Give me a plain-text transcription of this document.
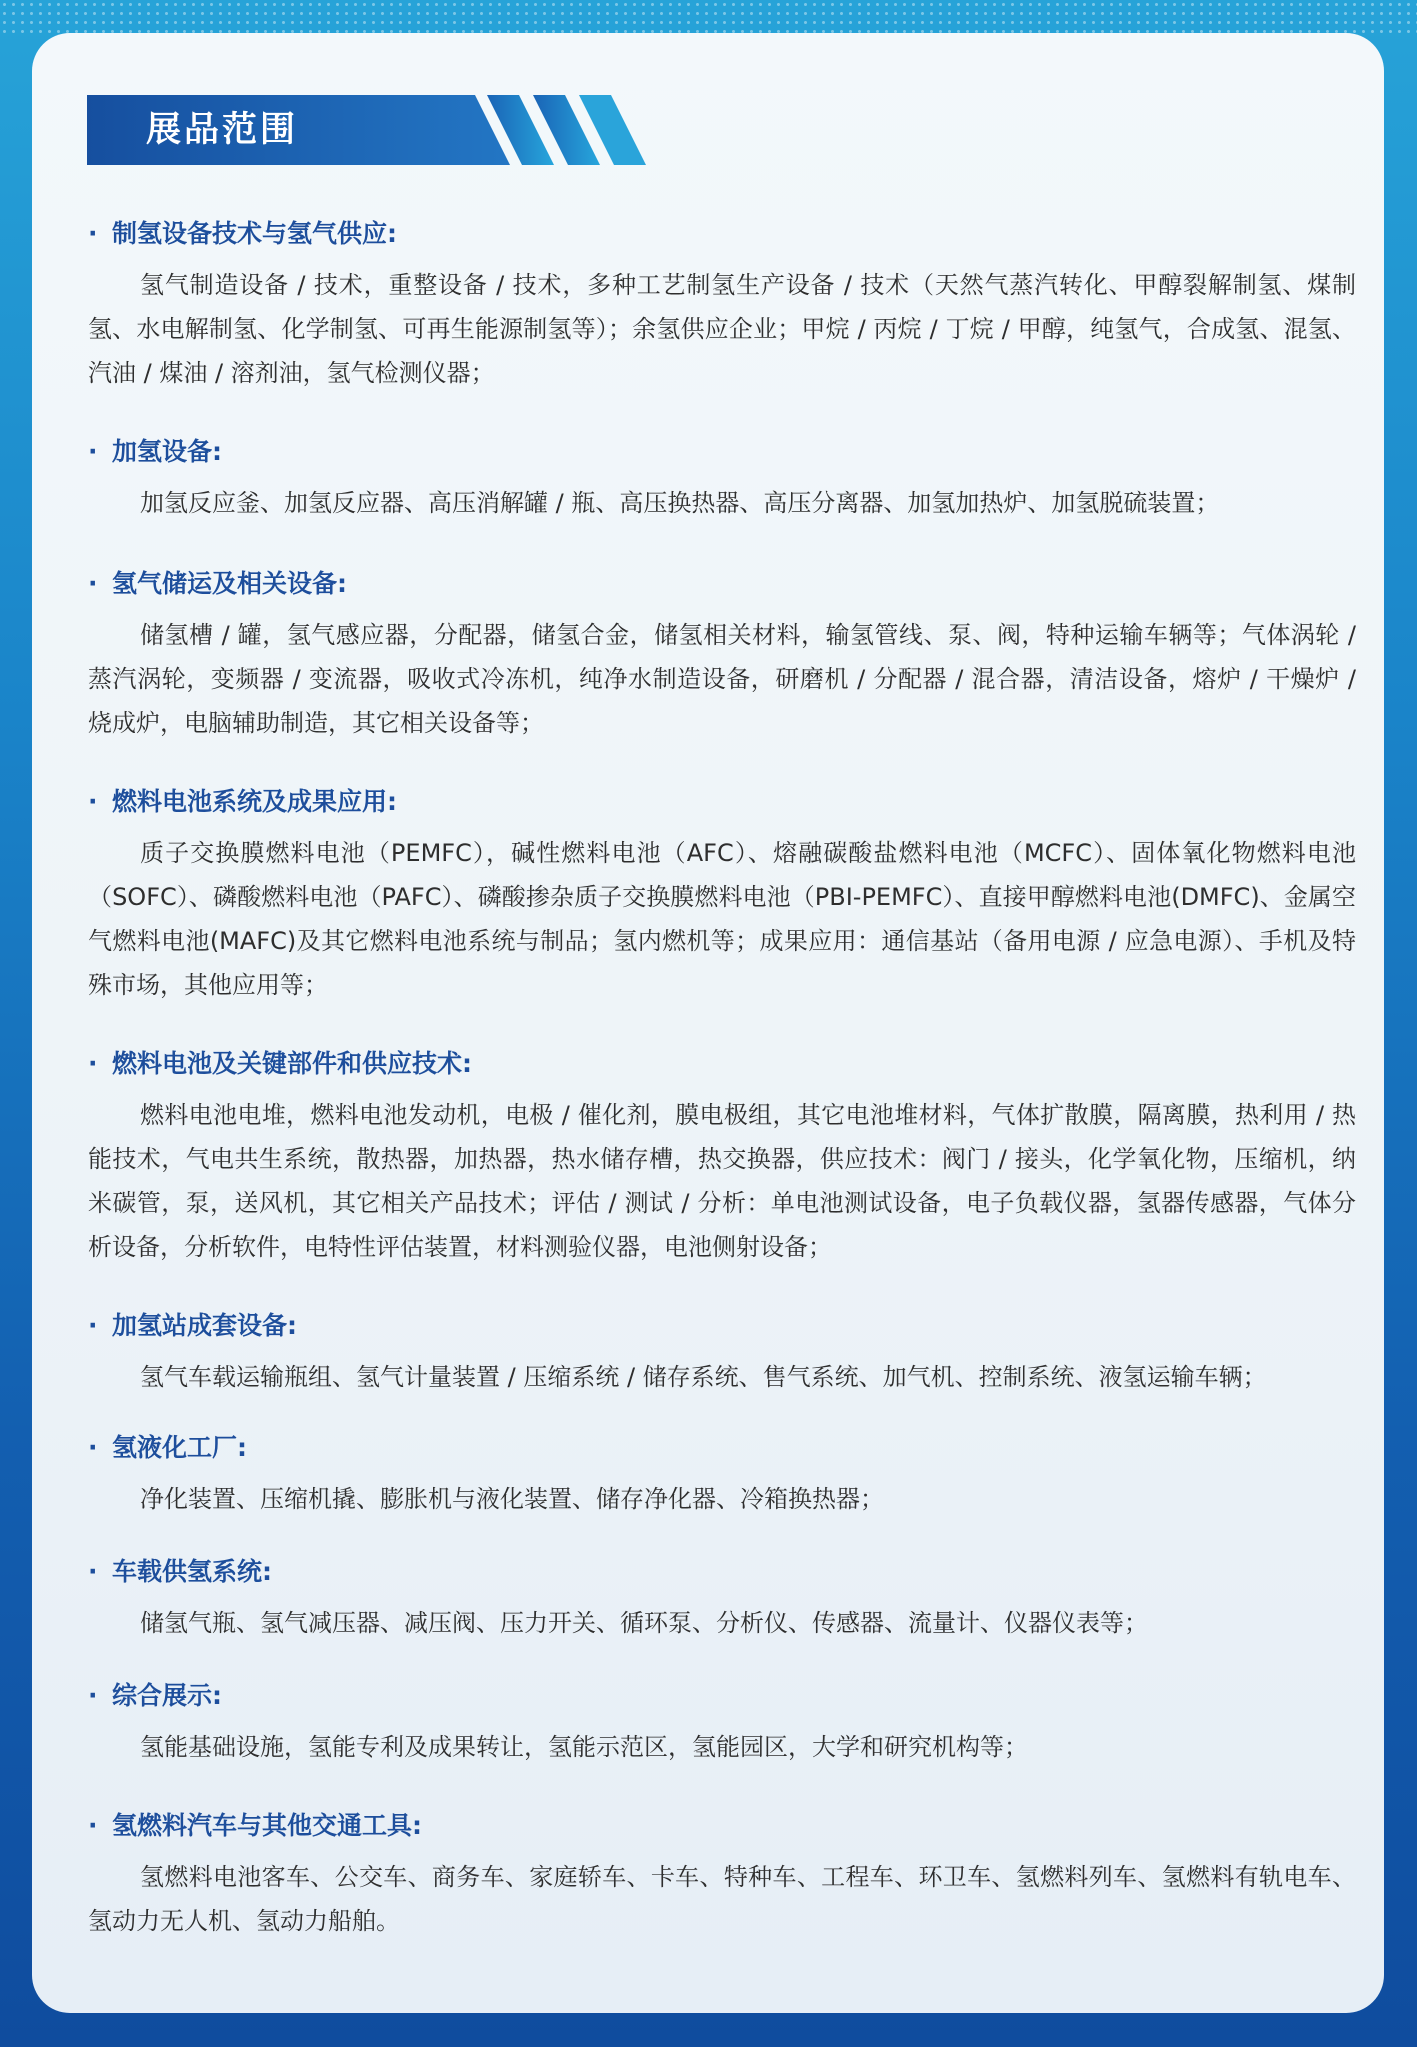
展品范围
· 制氢设备技术与氢气供应:
氢气制造设备 / 技术，重整设备 / 技术，多种工艺制氢生产设备 / 技术（天然气蒸汽转化、甲醇裂解制氢、煤制氢、水电解制氢、化学制氢、可再生能源制氢等）；余氢供应企业；甲烷 / 丙烷 / 丁烷 / 甲醇，纯氢气，合成氢、混氢、汽油 / 煤油 / 溶剂油，氢气检测仪器；
· 加氢设备:
加氢反应釜、加氢反应器、高压消解罐 / 瓶、高压换热器、高压分离器、加氢加热炉、加氢脱硫装置；
· 氢气储运及相关设备:
储氢槽 / 罐，氢气感应器，分配器，储氢合金，储氢相关材料，输氢管线、泵、阀，特种运输车辆等；气体涡轮 / 蒸汽涡轮，变频器 / 变流器，吸收式冷冻机，纯净水制造设备，研磨机 / 分配器 / 混合器，清洁设备，熔炉 / 干燥炉 / 烧成炉，电脑辅助制造，其它相关设备等；
· 燃料电池系统及成果应用:
质子交换膜燃料电池（PEMFC），碱性燃料电池（AFC）、熔融碳酸盐燃料电池（MCFC）、固体氧化物燃料电池（SOFC）、磷酸燃料电池（PAFC）、磷酸掺杂质子交换膜燃料电池（PBI-PEMFC）、直接甲醇燃料电池(DMFC)、金属空气燃料电池(MAFC)及其它燃料电池系统与制品；氢内燃机等；成果应用：通信基站（备用电源 / 应急电源）、手机及特殊市场，其他应用等；
· 燃料电池及关键部件和供应技术:
燃料电池电堆，燃料电池发动机，电极 / 催化剂，膜电极组，其它电池堆材料，气体扩散膜，隔离膜，热利用 / 热能技术，气电共生系统，散热器，加热器，热水储存槽，热交换器，供应技术：阀门 / 接头，化学氧化物，压缩机，纳米碳管，泵，送风机，其它相关产品技术；评估 / 测试 / 分析：单电池测试设备，电子负载仪器，氢器传感器，气体分析设备，分析软件，电特性评估装置，材料测验仪器，电池侧射设备；
· 加氢站成套设备:
氢气车载运输瓶组、氢气计量装置 / 压缩系统 / 储存系统、售气系统、加气机、控制系统、液氢运输车辆；
· 氢液化工厂:
净化装置、压缩机撬、膨胀机与液化装置、储存净化器、冷箱换热器；
· 车载供氢系统:
储氢气瓶、氢气减压器、减压阀、压力开关、循环泵、分析仪、传感器、流量计、仪器仪表等；
· 综合展示:
氢能基础设施，氢能专利及成果转让，氢能示范区，氢能园区，大学和研究机构等；
· 氢燃料汽车与其他交通工具:
氢燃料电池客车、公交车、商务车、家庭轿车、卡车、特种车、工程车、环卫车、氢燃料列车、氢燃料有轨电车、氢动力无人机、氢动力船舶。
